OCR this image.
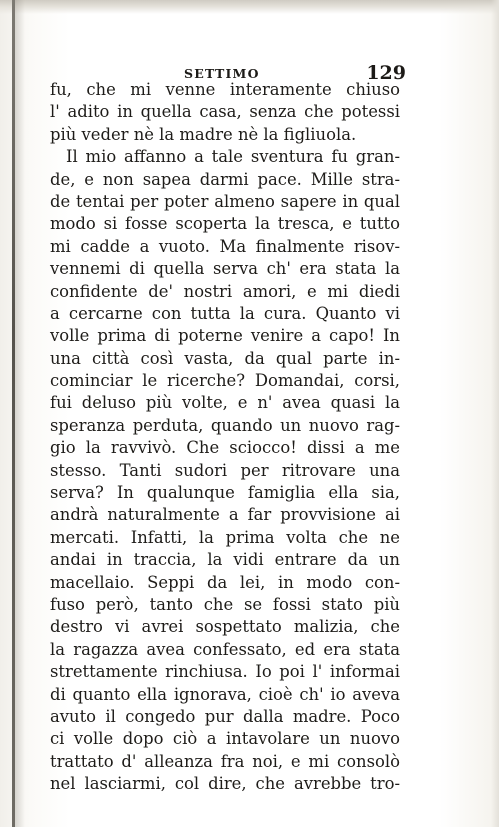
SETTIMO	129

fu, che mi venne interamente chiuso
l' adito in quella casa, senza che potessi
più veder nè la madre nè la figliuola.
Il mio affanno a tale sventura fu gran-
de, e non sapea darmi pace. Mille stra-
de tentai per poter almeno sapere in qual
modo si fosse scoperta la tresca, e tutto
mi cadde a vuoto. Ma finalmente risov-
vennemi di quella serva ch' era stata la
confidente de' nostri amori, e mi diedi
a cercarne con tutta la cura. Quanto vi
volle prima di poterne venire a capo! In
una città così vasta, da qual parte in-
cominciar le ricerche? Domandai, corsi,
fui deluso più volte, e n' avea quasi la
speranza perduta, quando un nuovo rag-
gio la ravvivò. Che sciocco! dissi a me
stesso. Tanti sudori per ritrovare una
serva? In qualunque famiglia ella sia,
andrà naturalmente a far provvisione ai
mercati. Infatti, la prima volta che ne
andai in traccia, la vidi entrare da un
macellaio. Seppi da lei, in modo con-
fuso però, tanto che se fossi stato più
destro vi avrei sospettato malizia, che
la ragazza avea confessato, ed era stata
strettamente rinchiusa. Io poi l' informai
di quanto ella ignorava, cioè ch' io aveva
avuto il congedo pur dalla madre. Poco
ci volle dopo ciò a intavolare un nuovo
trattato d' alleanza fra noi, e mi consolò
nel lasciarmi, col dire, che avrebbe tro-
